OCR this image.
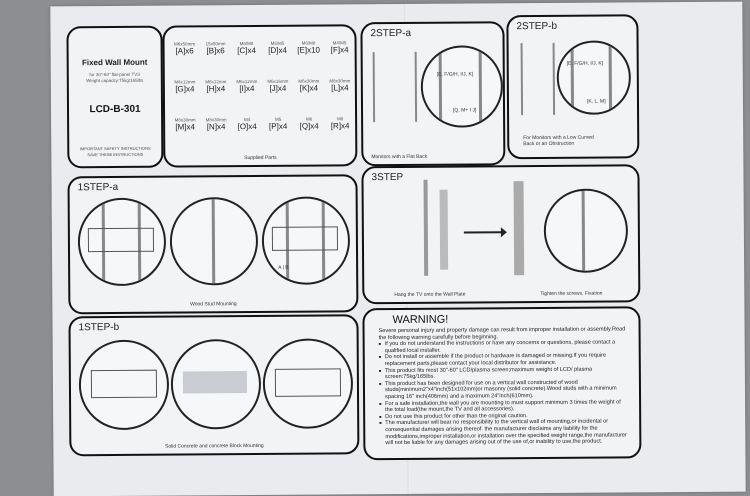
Fixed Wall Mount
for 30"-60" flat-panel TVS
Weight capacity:75kg/165lbs
LCD-B-301
IMPORTANT SAFETY INSTRUCTIONS
SAVE THESE INSTRUCTIONS
M6x50mm
[A]x6
15x50mm
[B]x6
M6/M8
[C]x4
M5/M5
[D]x4
M6/M8
[E]x10
M4/M5
[F]x4
M4x12mm
[G]x4
M6x12mm
[H]x4
M6x12mm
[I]x4
M6x16mm
[J]x4
M6x30mm
[K]x4
M8x30mm
[L]x4
M8x30mm
[M]x4
M8x30mm
[N]x4
M4
[O]x4
M5
[P]x4
M6
[Q]x4
M8
[R]x4
Supplied Parts
2STEP-a
[E, F/G/H, I/J, K]
[Q, M+ I J]
Monitors with a Flat Back
2STEP-b
[E, F/G/H, I/J, K]
[K, L, M]
For Monitors with a Low Curved
Back or an Obstruction
1STEP-a
A | B
Wood Stud Mounting
3STEP
Hang the TV onto the Wall Plate	Tighten the screws, Fixation
1STEP-b
Solid Concrete and concrete Block Mounting
WARNING!

Severe personal injury and property damage can result from improper installation or assembly.Read the following warning carefully before beginning.

■ If you do not understand the instructions or have any concerns or questions, please contact a qualified local installer.

■ Do not install or assemble if the product or hardware is damaged or missing.If you require replacement parts,please contact your local distributor for assistance.

■ This product fits most 30"-60" LCD/plasma screen;maximum weight of LCD/ plasma screen:75kg/165lbs.

■ This product has been designed for use on a vertical wall constructed of wood studs(minimum2"x4"inch(51x102mm)or masonry (solid concrete).Wood studs with a minimum spacing 16" inch(406mm) and a maximum 24"inch(610mm).

■ For a safe installation,the wall you are mounting to must support minimum 3 times the weight of the total load(the mount,the TV and all accessories).

■ Do not use this product for other than the original caution.

■ The manufacturer will bear no responsibility to the vertical wall of mounting,or incidental or consequential damages arising thereof. the manufacturer disclaims any liability for the modifications,improper installation,or installation over the specified weight range,the manufacturer will not be liable for any damages arising out of the use of,or inability to use,the product.
